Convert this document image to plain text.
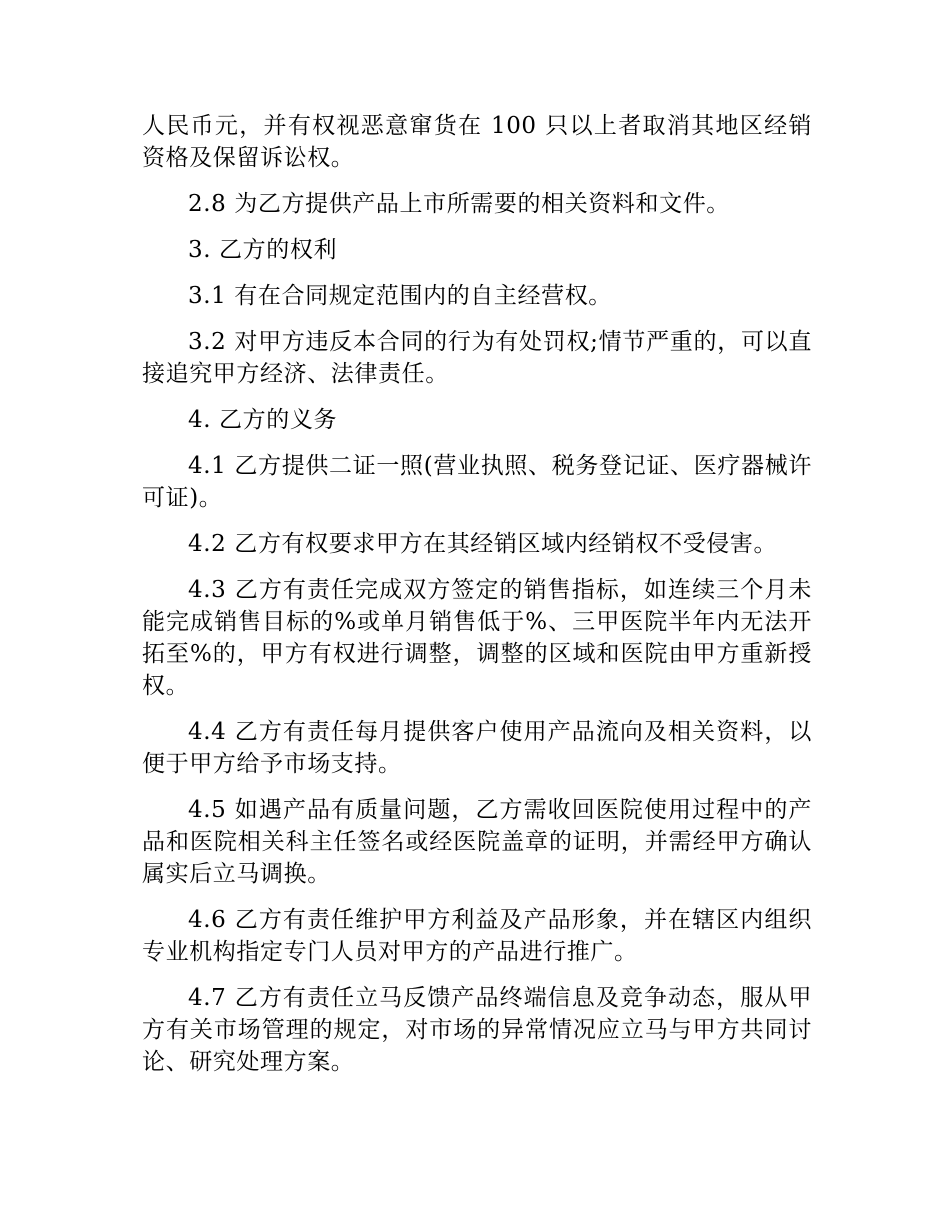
人民币元，并有权视恶意窜货在 100 只以上者取消其地区经销资格及保留诉讼权。

2.8 为乙方提供产品上市所需要的相关资料和文件。

3. 乙方的权利

3.1 有在合同规定范围内的自主经营权。

3.2 对甲方违反本合同的行为有处罚权;情节严重的，可以直接追究甲方经济、法律责任。

4. 乙方的义务

4.1 乙方提供二证一照(营业执照、税务登记证、医疗器械许可证)。

4.2 乙方有权要求甲方在其经销区域内经销权不受侵害。

4.3 乙方有责任完成双方签定的销售指标，如连续三个月未能完成销售目标的%或单月销售低于%、三甲医院半年内无法开拓至%的，甲方有权进行调整，调整的区域和医院由甲方重新授权。

4.4 乙方有责任每月提供客户使用产品流向及相关资料，以便于甲方给予市场支持。

4.5 如遇产品有质量问题，乙方需收回医院使用过程中的产品和医院相关科主任签名或经医院盖章的证明，并需经甲方确认属实后立马调换。

4.6 乙方有责任维护甲方利益及产品形象，并在辖区内组织专业机构指定专门人员对甲方的产品进行推广。

4.7 乙方有责任立马反馈产品终端信息及竞争动态，服从甲方有关市场管理的规定，对市场的异常情况应立马与甲方共同讨论、研究处理方案。
